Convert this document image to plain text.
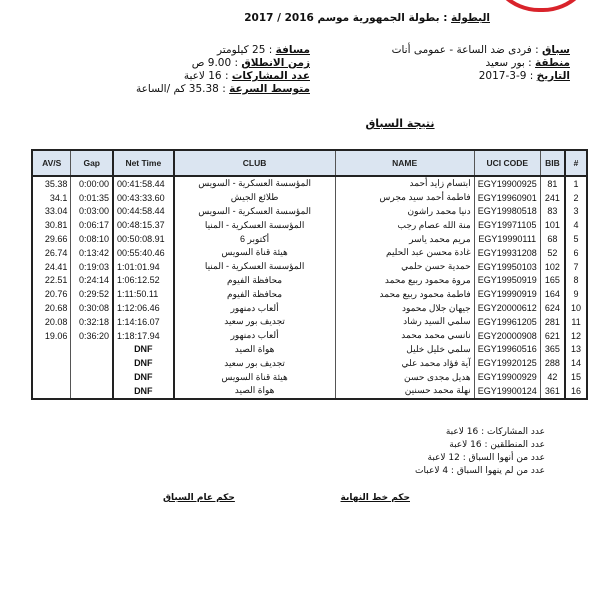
البطولة : بطولة الجمهورية موسم 2016 / 2017
سباق : فردى ضد الساعة - عمومى أنات
منطقة : بور سعيد
التاريخ : 9-3-2017
مسافة : 25 كيلومتر
زمن الانطلاق : 9.00 ص
عدد المشاركات : 16 لاعبة
متوسط السرعة : 35.38 كم /الساعة
نتيجة السباق
AV/S	Gap	Net Time	CLUB	NAME	UCI CODE	BIB	#
35.38	0:00:00	00:41:58.44	المؤسسة العسكرية - السويس	ابتسام زايد أحمد	EGY19900925	81	1
34.1	0:01:35	00:43:33.60	طلائع الجيش	فاطمة أحمد سيد مجرس	EGY19960901	241	2
33.04	0:03:00	00:44:58.44	المؤسسة العسكرية - السويس	دنيا محمد راشون	EGY19980518	83	3
30.81	0:06:17	00:48:15.37	المؤسسة العسكرية - المنيا	منة الله عصام رجب	EGY19971105	101	4
29.66	0:08:10	00:50:08.91	أكتوبر 6	مريم محمد ياسر	EGY19990111	68	5
26.74	0:13:42	00:55:40.46	هيئة قناة السويس	غادة محسن عبد الحليم	EGY19931208	52	6
24.41	0:19:03	1:01:01.94	المؤسسة العسكرية - المنيا	حمدية حسن حلمي	EGY19950103	102	7
22.51	0:24:14	1:06:12.52	محافظة الفيوم	مروة محمود ربيع محمد	EGY19950919	165	8
20.76	0:29:52	1:11:50.11	محافظة الفيوم	فاطمة محمود ربيع محمد	EGY19990919	164	9
20.68	0:30:08	1:12:06.46	ألعاب دمنهور	جيهان جلال محمود	EGY20000612	624	10
20.08	0:32:18	1:14:16.07	تجديف بور سعيد	سلمي السيد رشاد	EGY19961205	281	11
19.06	0:36:20	1:18:17.94	ألعاب دمنهور	نانسي محمد محمد	EGY20000908	621	12
		DNF	هواة الصيد	سلمي خليل خليل	EGY19960516	365	13
		DNF	تجديف بور سعيد	آية فؤاد محمد علي	EGY19920125	288	14
		DNF	هيئة قناة السويس	هديل مجدى حسن	EGY19900929	42	15
		DNF	هواة الصيد	نهلة محمد حسنين	EGY19900124	361	16
عدد المشاركات : 16 لاعبة
عدد المنطلقين : 16 لاعبة
عدد من أنهوا السباق : 12 لاعبة
عدد من لم ينهوا السباق : 4 لاعبات
حكم خط النهاية
حكم عام السباق
